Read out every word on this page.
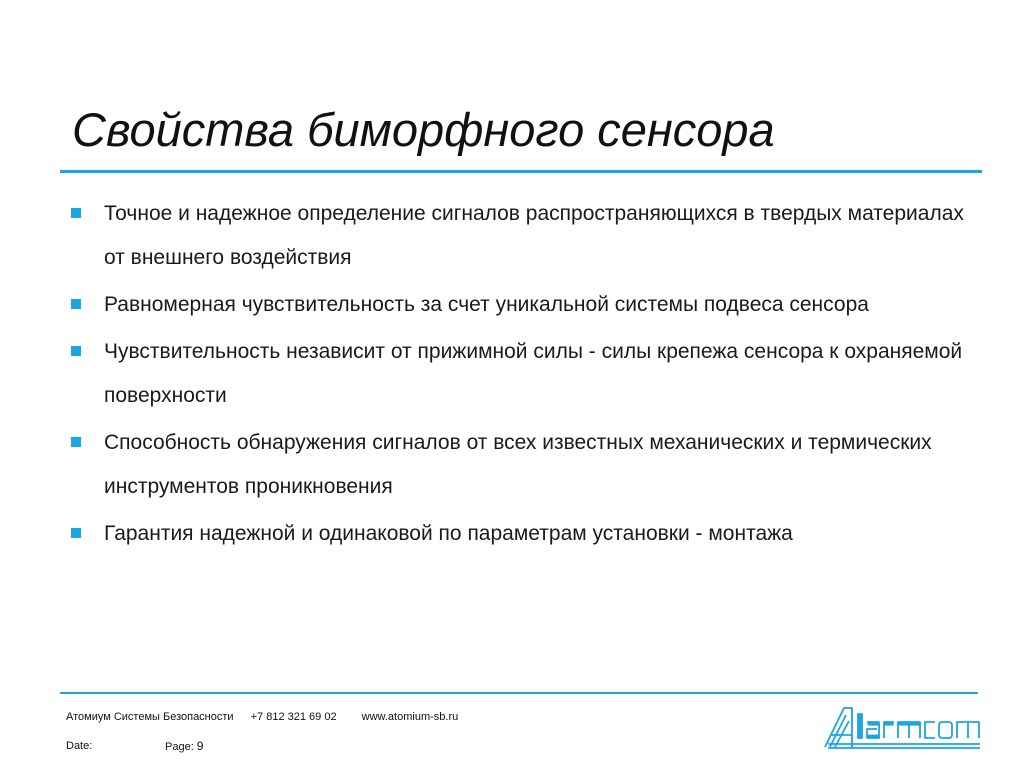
Свойства биморфного сенсора
Точное и надежное определение сигналов распространяющихся в твердых материалах от внешнего воздействия
Равномерная чувствительность за счет уникальной системы подвеса сенсора
Чувствительность независит от прижимной силы - силы крепежа сенсора к охраняемой поверхности
Способность обнаружения сигналов от всех известных механических и термических инструментов проникновения
Гарантия надежной и одинаковой по параметрам установки - монтажа
Атомиум Системы Безопасности +7 812 321 69 02 www.atomium-sb.ru
Date:	Page: 9
